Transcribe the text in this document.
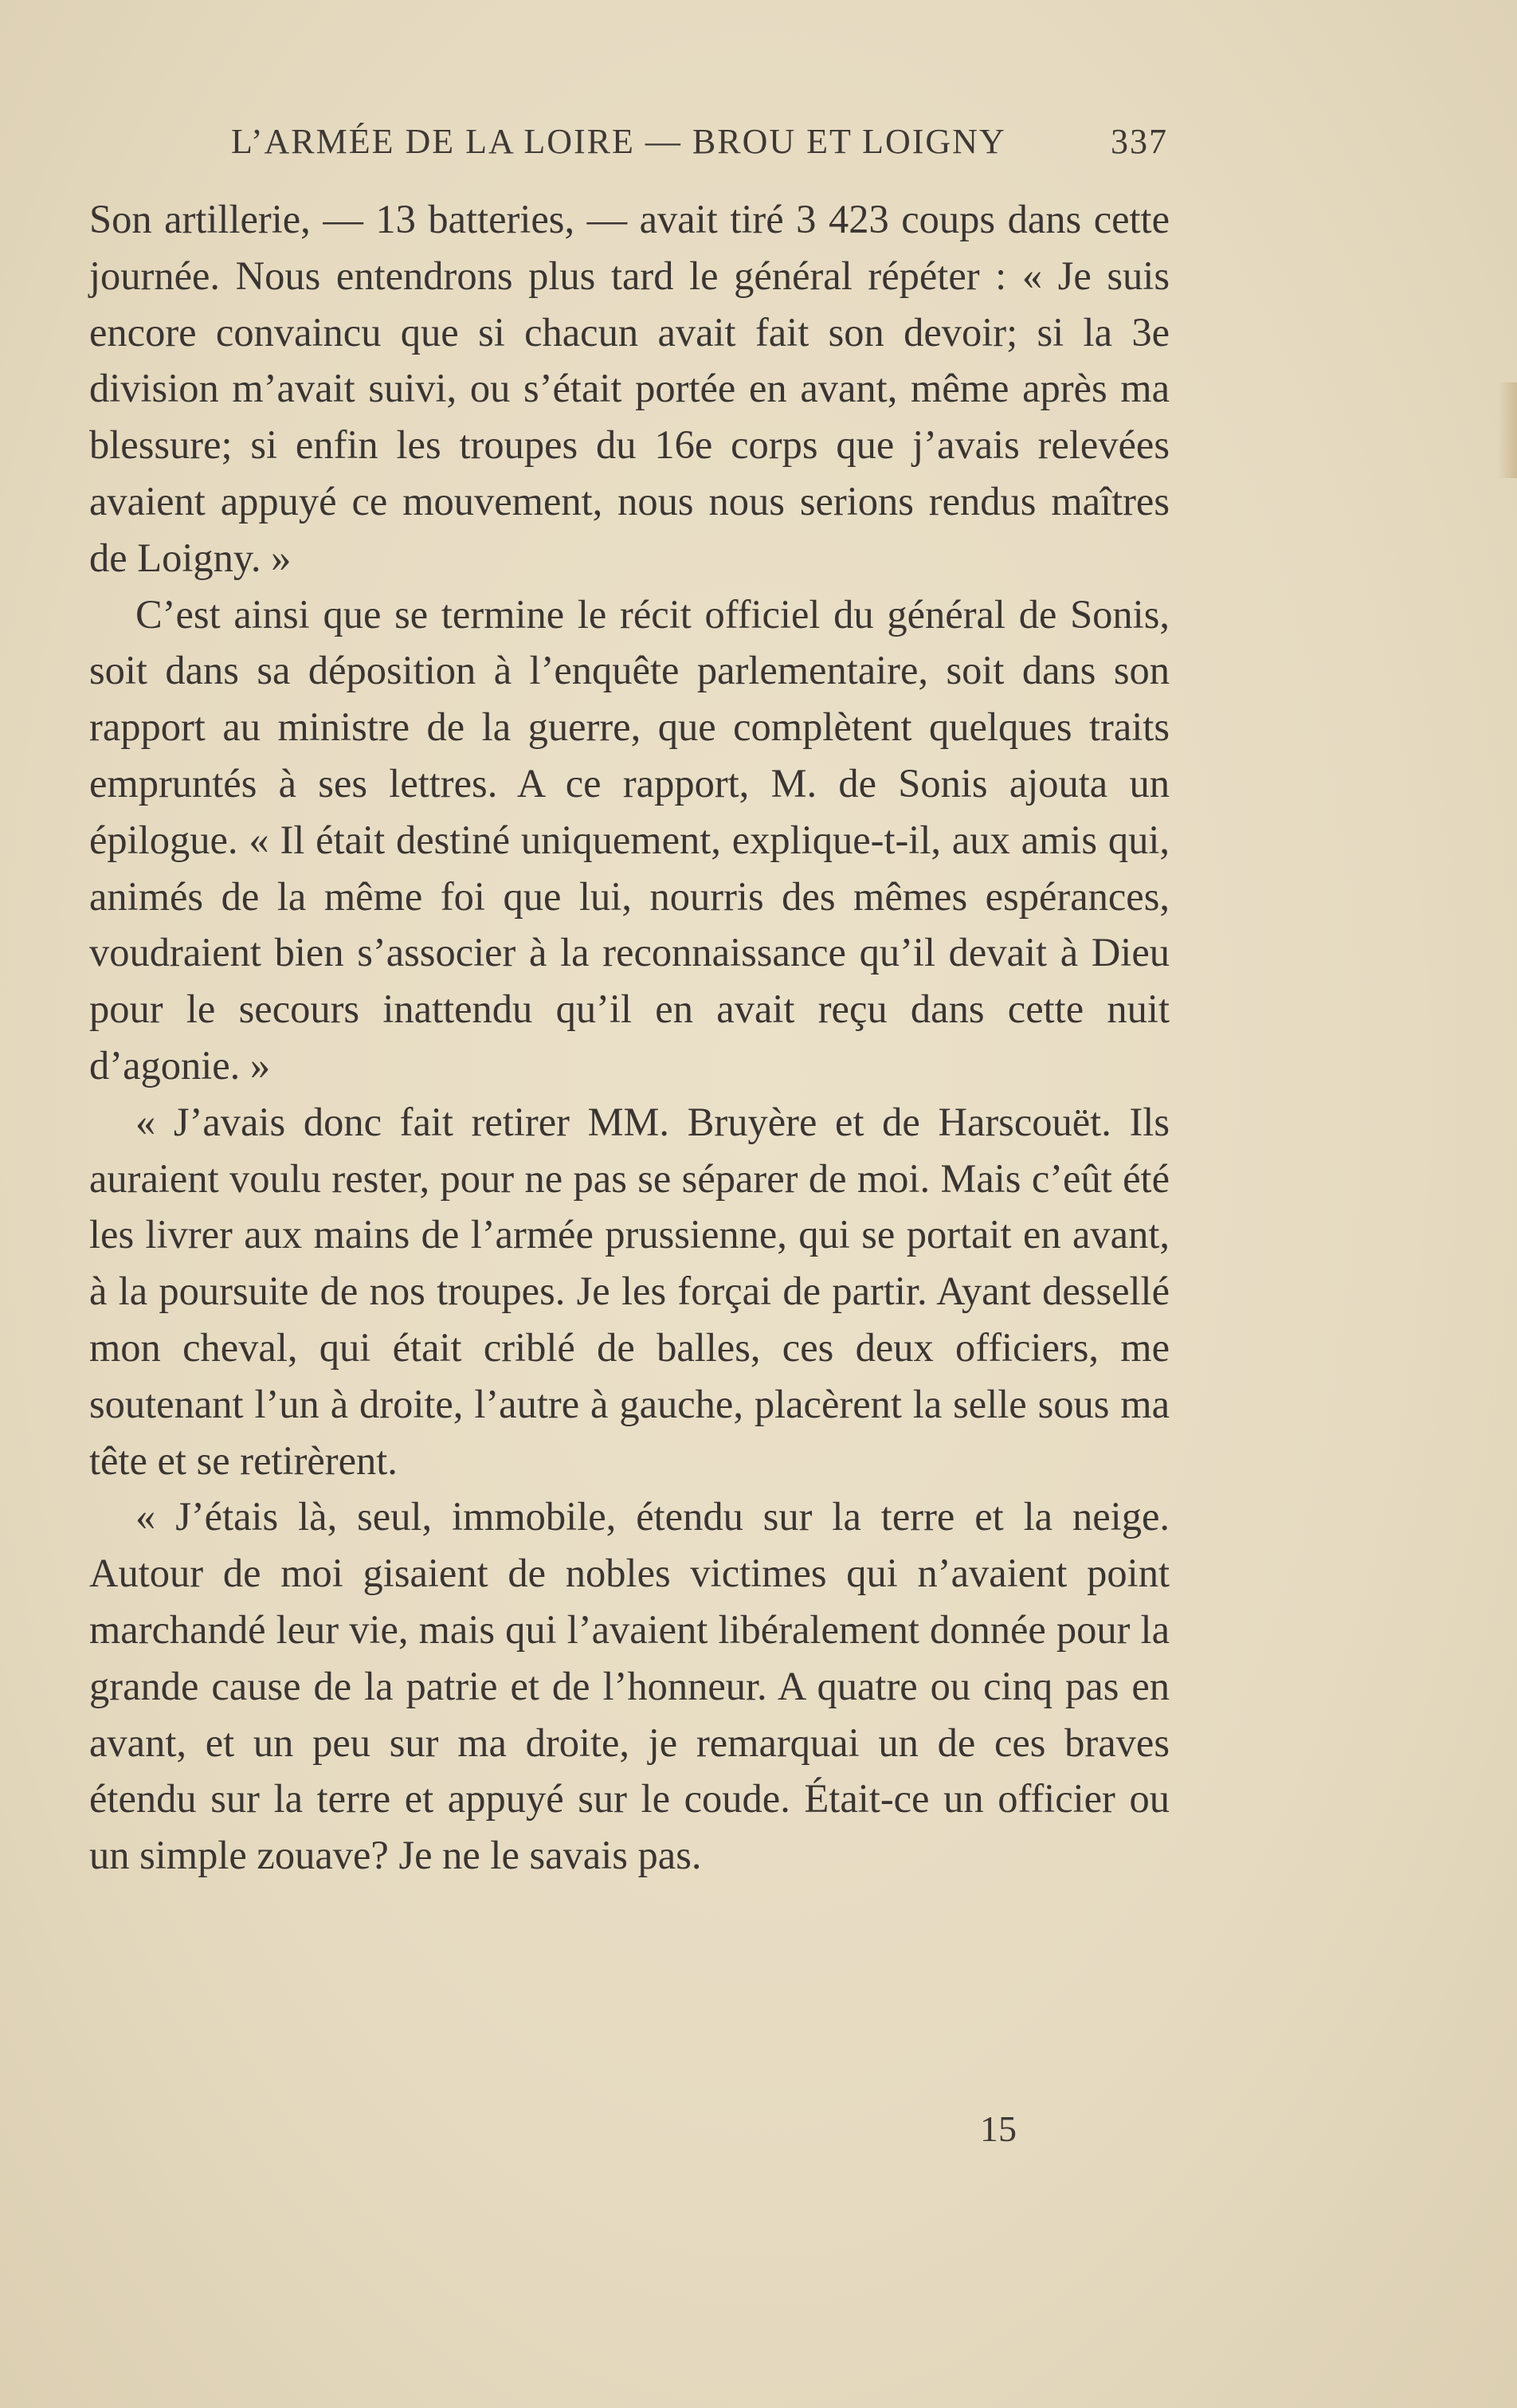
L’ARMÉE DE LA LOIRE — BROU ET LOIGNY	337

Son artillerie, — 13 batteries, — avait tiré 3 423 coups dans cette journée. Nous entendrons plus tard le général répéter : « Je suis encore convaincu que si chacun avait fait son devoir; si la 3e division m’avait suivi, ou s’était portée en avant, même après ma blessure; si enfin les troupes du 16e corps que j’avais relevées avaient appuyé ce mouvement, nous nous serions rendus maîtres de Loigny. »

C’est ainsi que se termine le récit officiel du général de Sonis, soit dans sa déposition à l’enquête parlementaire, soit dans son rapport au ministre de la guerre, que complètent quelques traits empruntés à ses lettres. A ce rapport, M. de Sonis ajouta un épilogue. « Il était destiné uniquement, explique-t-il, aux amis qui, animés de la même foi que lui, nourris des mêmes espérances, voudraient bien s’associer à la reconnaissance qu’il devait à Dieu pour le secours inattendu qu’il en avait reçu dans cette nuit d’agonie. »

« J’avais donc fait retirer MM. Bruyère et de Harscouët. Ils auraient voulu rester, pour ne pas se séparer de moi. Mais c’eût été les livrer aux mains de l’armée prussienne, qui se portait en avant, à la poursuite de nos troupes. Je les forçai de partir. Ayant dessellé mon cheval, qui était criblé de balles, ces deux officiers, me soutenant l’un à droite, l’autre à gauche, placèrent la selle sous ma tête et se retirèrent.

« J’étais là, seul, immobile, étendu sur la terre et la neige. Autour de moi gisaient de nobles victimes qui n’avaient point marchandé leur vie, mais qui l’avaient libéralement donnée pour la grande cause de la patrie et de l’honneur. A quatre ou cinq pas en avant, et un peu sur ma droite, je remarquai un de ces braves étendu sur la terre et appuyé sur le coude. Était-ce un officier ou un simple zouave? Je ne le savais pas.

15
